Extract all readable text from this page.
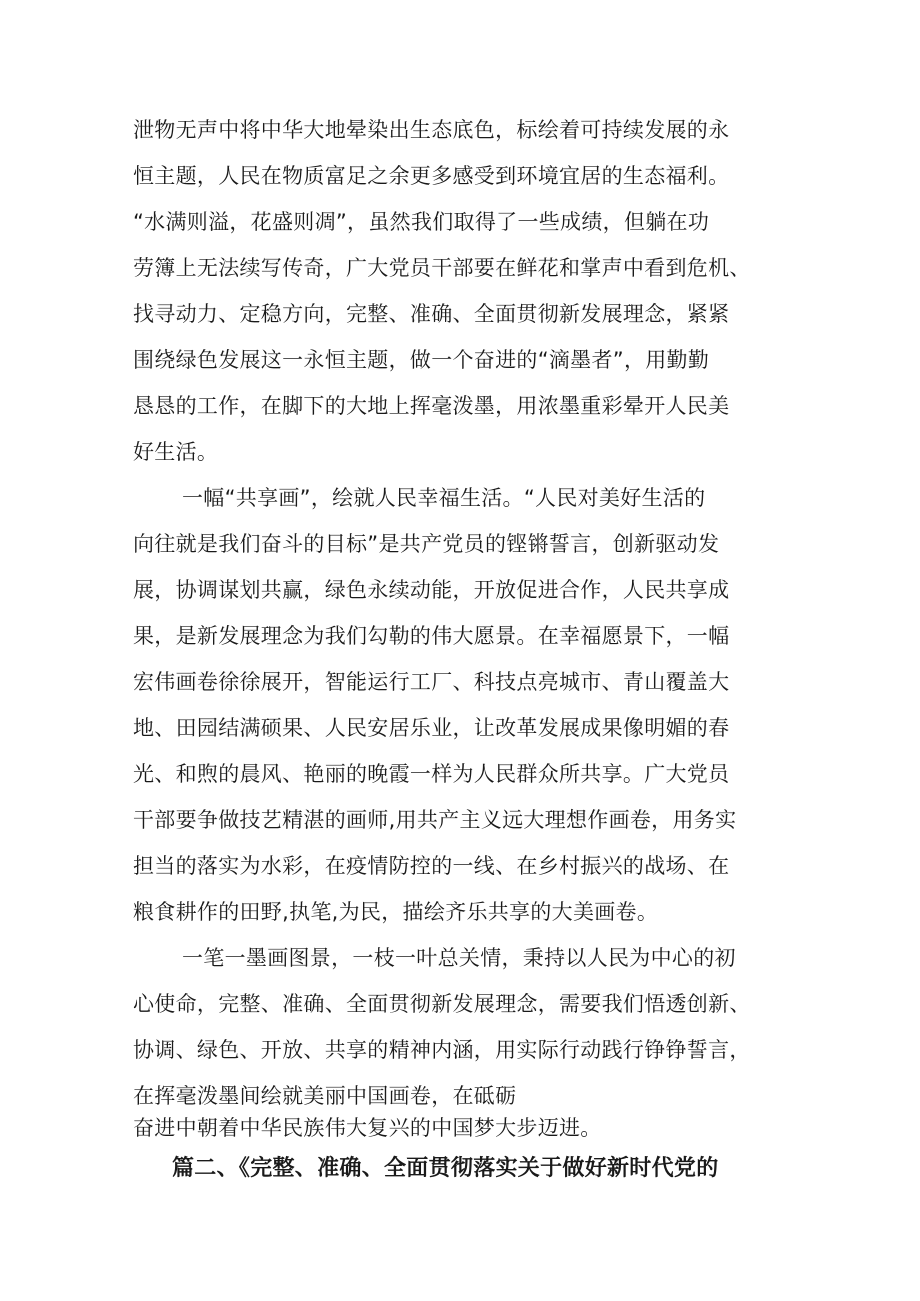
泄物无声中将中华大地晕染出生态底色，标绘着可持续发展的永
恒主题，人民在物质富足之余更多感受到环境宜居的生态福利。
“水满则溢，花盛则凋”，虽然我们取得了一些成绩，但躺在功
劳簿上无法续写传奇，广大党员干部要在鲜花和掌声中看到危机、
找寻动力、定稳方向，完整、准确、全面贯彻新发展理念，紧紧
围绕绿色发展这一永恒主题，做一个奋进的“滴墨者”，用勤勤
恳恳的工作，在脚下的大地上挥毫泼墨，用浓墨重彩晕开人民美
好生活。
一幅“共享画”，绘就人民幸福生活。“人民对美好生活的
向往就是我们奋斗的目标”是共产党员的铿锵誓言，创新驱动发
展，协调谋划共赢，绿色永续动能，开放促进合作，人民共享成
果，是新发展理念为我们勾勒的伟大愿景。在幸福愿景下，一幅
宏伟画卷徐徐展开，智能运行工厂、科技点亮城市、青山覆盖大
地、田园结满硕果、人民安居乐业，让改革发展成果像明媚的春
光、和煦的晨风、艳丽的晚霞一样为人民群众所共享。广大党员
干部要争做技艺精湛的画师,用共产主义远大理想作画卷，用务实
担当的落实为水彩，在疫情防控的一线、在乡村振兴的战场、在
粮食耕作的田野,执笔,为民，描绘齐乐共享的大美画卷。
一笔一墨画图景，一枝一叶总关情，秉持以人民为中心的初
心使命，完整、准确、全面贯彻新发展理念，需要我们悟透创新、
协调、绿色、开放、共享的精神内涵，用实际行动践行铮铮誓言，
在挥毫泼墨间绘就美丽中国画卷，在砥砺
奋进中朝着中华民族伟大复兴的中国梦大步迈进。
篇二、《完整、准确、全面贯彻落实关于做好新时代党的
